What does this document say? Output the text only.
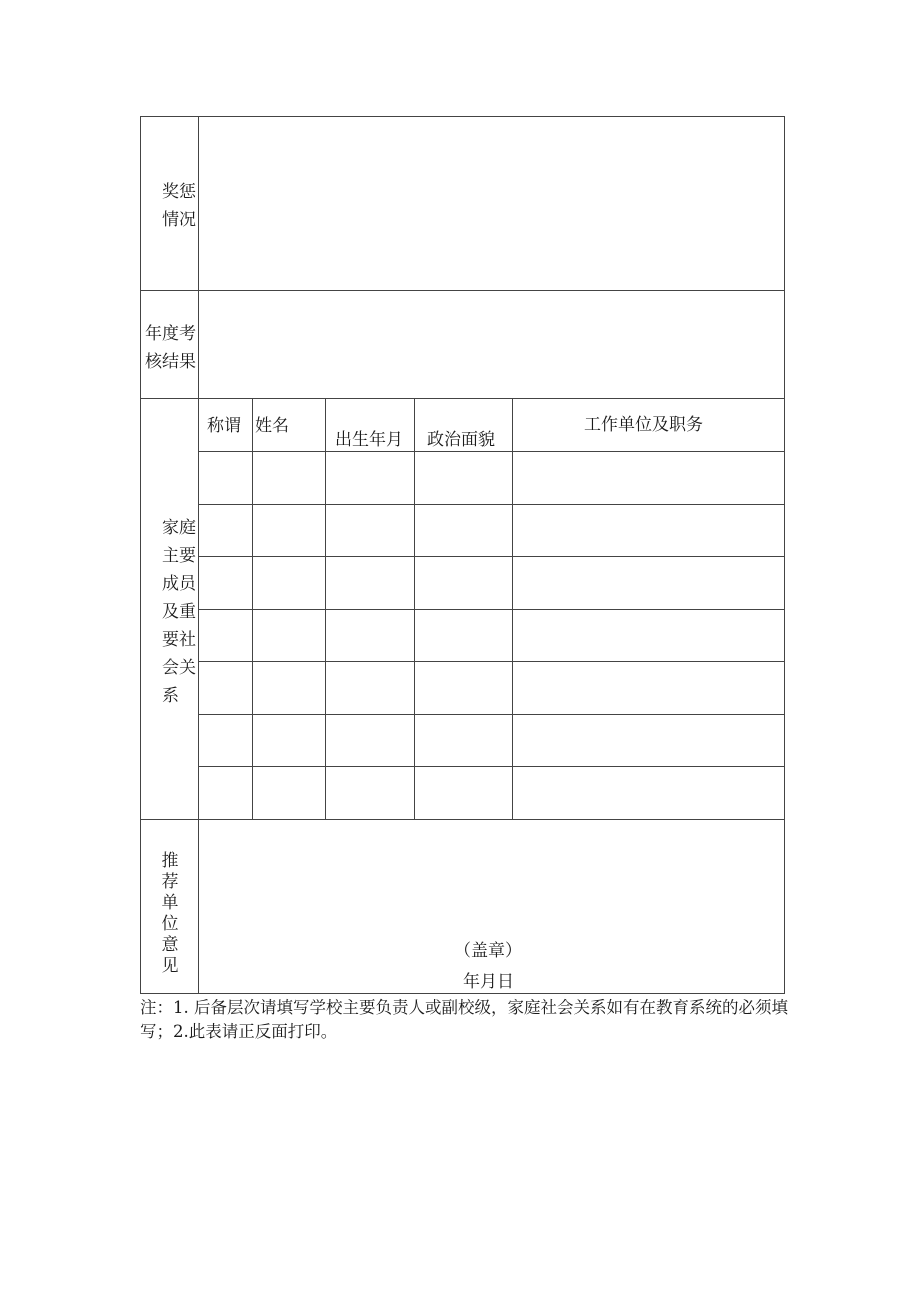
奖惩
情况
年度考
核结果
家庭
主要
成员
及重
要社
会关
系
称谓 姓名
出生年月 政治面貌
工作单位及职务
推
荐
单
位
意
见
（盖章）
年月日
注：1. 后备层次请填写学校主要负责人或副校级，家庭社会关系如有在教育系统的必须填写；2.此表请正反面打印。
